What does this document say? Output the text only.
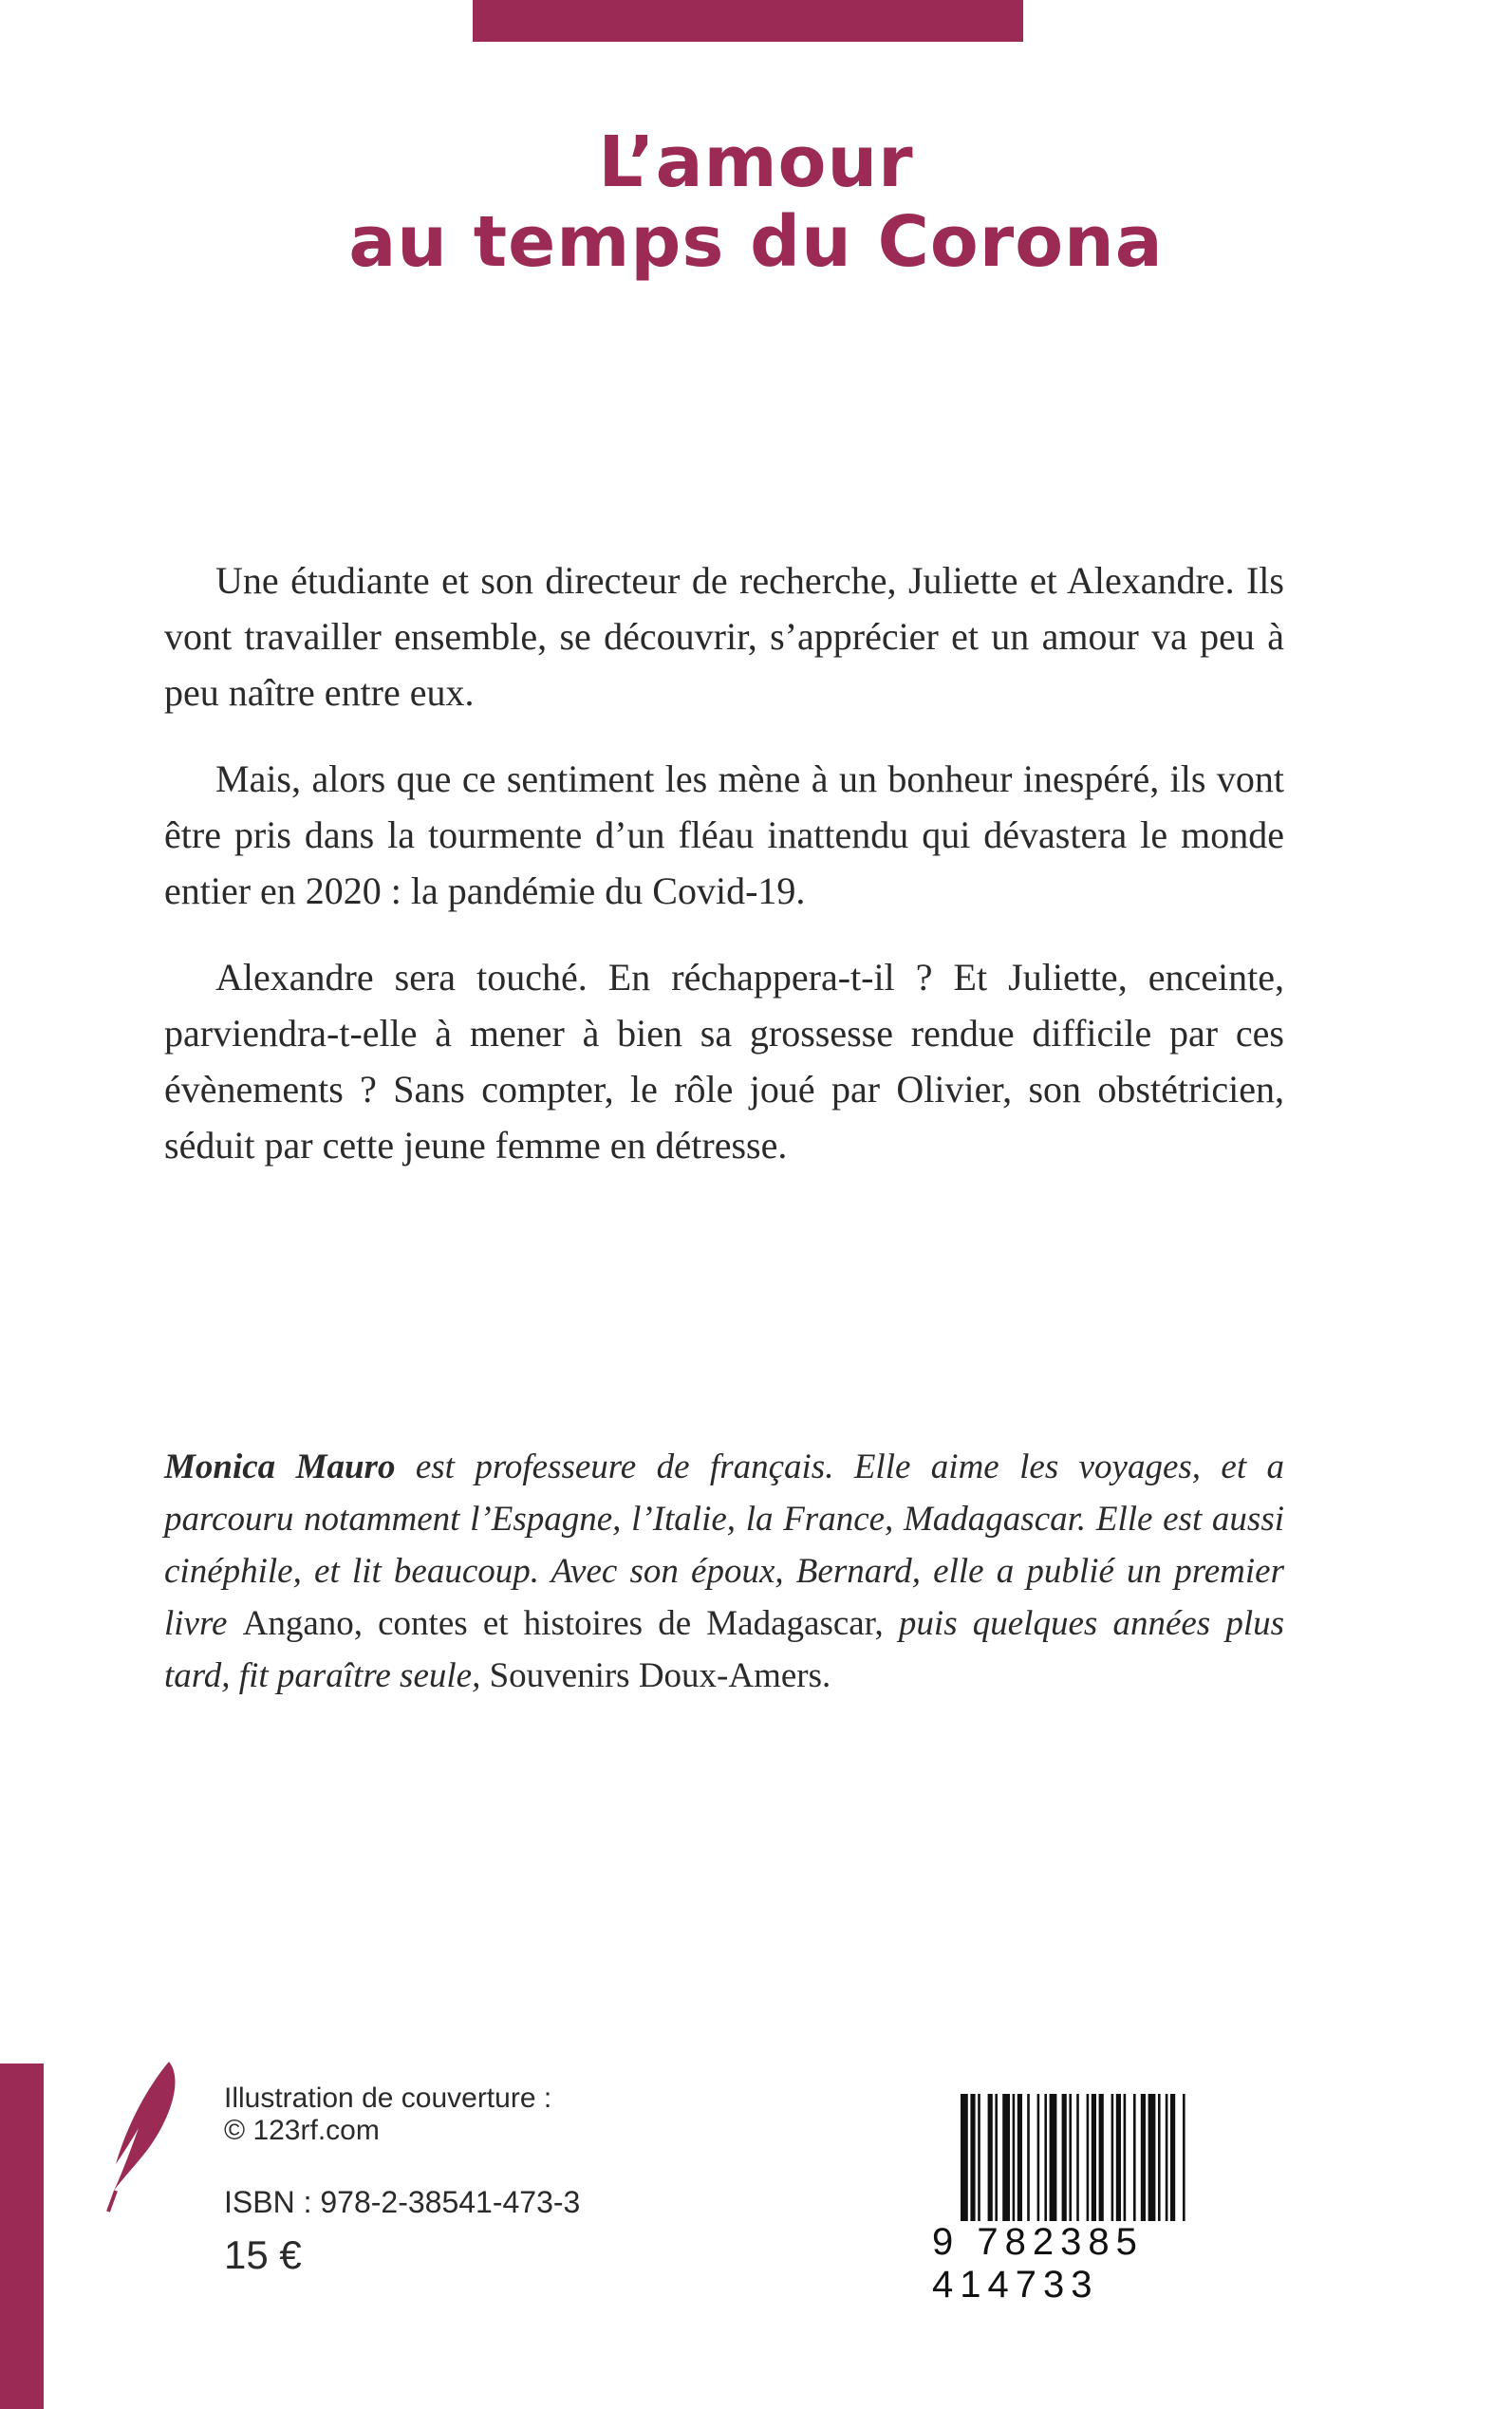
L’amour
au temps du Corona

Une étudiante et son directeur de recherche, Juliette et Alexandre. Ils vont travailler ensemble, se découvrir, s’apprécier et un amour va peu à peu naître entre eux.

Mais, alors que ce sentiment les mène à un bonheur inespéré, ils vont être pris dans la tourmente d’un fléau inattendu qui dévastera le monde entier en 2020 : la pandémie du Covid-19.

Alexandre sera touché. En réchappera-t-il ? Et Juliette, enceinte, parviendra-t-elle à mener à bien sa grossesse rendue difficile par ces évènements ? Sans compter, le rôle joué par Olivier, son obstétricien, séduit par cette jeune femme en détresse.

Monica Mauro est professeure de français. Elle aime les voyages, et a parcouru notamment l’Espagne, l’Italie, la France, Madagascar. Elle est aussi cinéphile, et lit beaucoup. Avec son époux, Bernard, elle a publié un premier livre Angano, contes et histoires de Madagascar, puis quelques années plus tard, fit paraître seule, Souvenirs Doux-Amers.
Illustration de couverture :
© 123rf.com
ISBN : 978-2-38541-473-3
15 €	9 782385 414733
